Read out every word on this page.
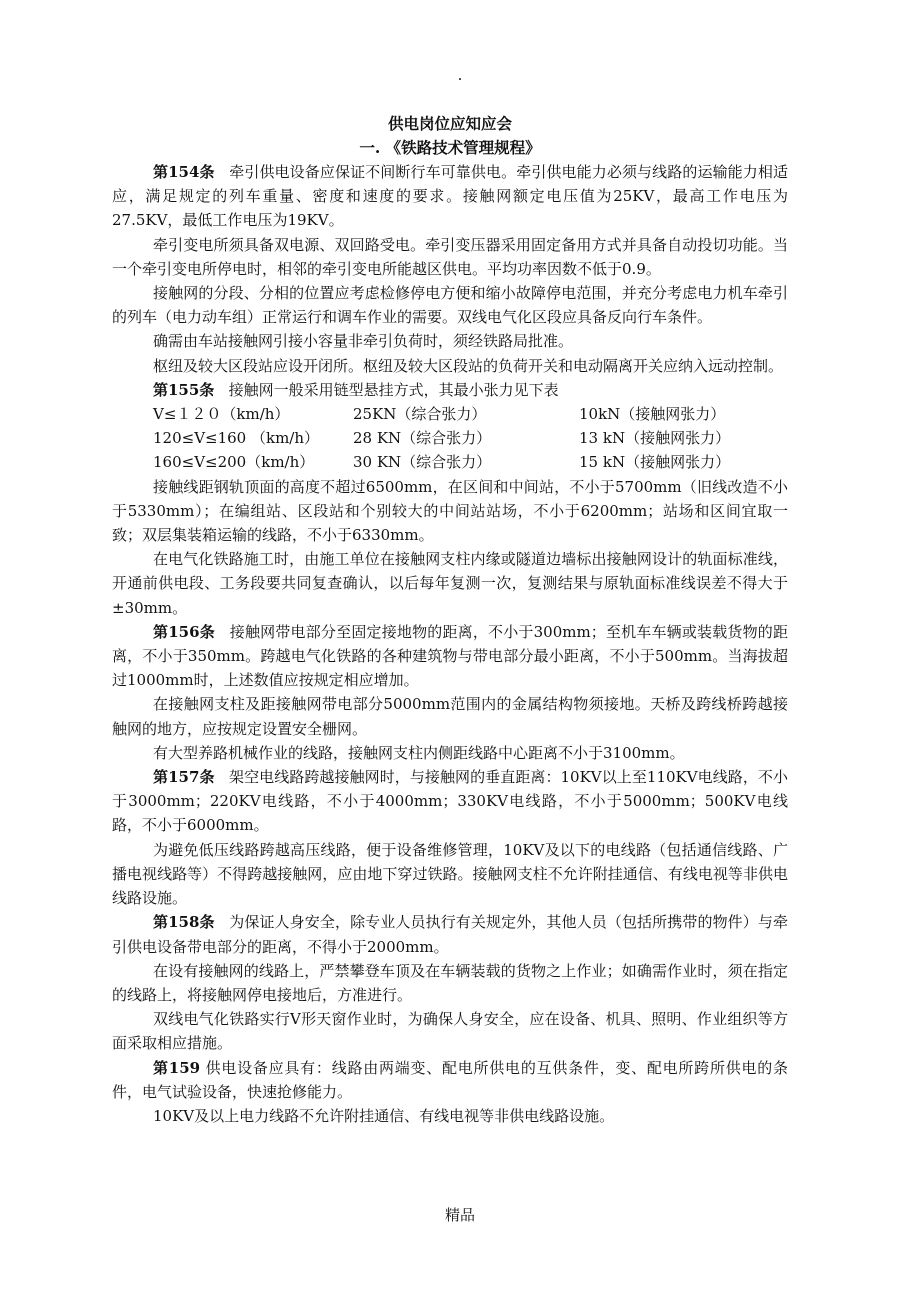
.
供电岗位应知应会
一. 《铁路技术管理规程》

第154条 牵引供电设备应保证不间断行车可靠供电。牵引供电能力必须与线路的运输能力相适应，满足规定的列车重量、密度和速度的要求。接触网额定电压值为25KV，最高工作电压为27.5KV，最低工作电压为19KV。

牵引变电所须具备双电源、双回路受电。牵引变压器采用固定备用方式并具备自动投切功能。当一个牵引变电所停电时，相邻的牵引变电所能越区供电。平均功率因数不低于0.9。

接触网的分段、分相的位置应考虑检修停电方便和缩小故障停电范围，并充分考虑电力机车牵引的列车（电力动车组）正常运行和调车作业的需要。双线电气化区段应具备反向行车条件。

确需由车站接触网引接小容量非牵引负荷时，须经铁路局批准。

枢纽及较大区段站应设开闭所。枢纽及较大区段站的负荷开关和电动隔离开关应纳入远动控制。

第155条 接触网一般采用链型悬挂方式，其最小张力见下表

V≤１２０（km/h）	25KN（综合张力）	10kN（接触网张力）
120≤V≤160 （km/h）	28 KN（综合张力）	13 kN（接触网张力）
160≤V≤200（km/h）	30 KN（综合张力）	15 kN（接触网张力）

接触线距钢轨顶面的高度不超过6500mm，在区间和中间站，不小于5700mm（旧线改造不小于5330mm）；在编组站、区段站和个别较大的中间站站场，不小于6200mm；站场和区间宜取一致；双层集装箱运输的线路，不小于6330mm。

在电气化铁路施工时，由施工单位在接触网支柱内缘或隧道边墙标出接触网设计的轨面标准线，开通前供电段、工务段要共同复查确认，以后每年复测一次，复测结果与原轨面标准线误差不得大于±30mm。

第156条 接触网带电部分至固定接地物的距离，不小于300mm；至机车车辆或装载货物的距离，不小于350mm。跨越电气化铁路的各种建筑物与带电部分最小距离，不小于500mm。当海拔超过1000mm时，上述数值应按规定相应增加。

在接触网支柱及距接触网带电部分5000mm范围内的金属结构物须接地。天桥及跨线桥跨越接触网的地方，应按规定设置安全栅网。

有大型养路机械作业的线路，接触网支柱内侧距线路中心距离不小于3100mm。

第157条 架空电线路跨越接触网时，与接触网的垂直距离：10KV以上至110KV电线路，不小于3000mm；220KV电线路，不小于4000mm；330KV电线路，不小于5000mm；500KV电线路，不小于6000mm。

为避免低压线路跨越高压线路，便于设备维修管理，10KV及以下的电线路（包括通信线路、广播电视线路等）不得跨越接触网，应由地下穿过铁路。接触网支柱不允许附挂通信、有线电视等非供电线路设施。

第158条 为保证人身安全，除专业人员执行有关规定外，其他人员（包括所携带的物件）与牵引供电设备带电部分的距离，不得小于2000mm。

在设有接触网的线路上，严禁攀登车顶及在车辆装载的货物之上作业；如确需作业时，须在指定的线路上，将接触网停电接地后，方准进行。

双线电气化铁路实行V形天窗作业时，为确保人身安全，应在设备、机具、照明、作业组织等方面采取相应措施。

第159 供电设备应具有：线路由两端变、配电所供电的互供条件，变、配电所跨所供电的条件，电气试验设备，快速抢修能力。

10KV及以上电力线路不允许附挂通信、有线电视等非供电线路设施。

精品
